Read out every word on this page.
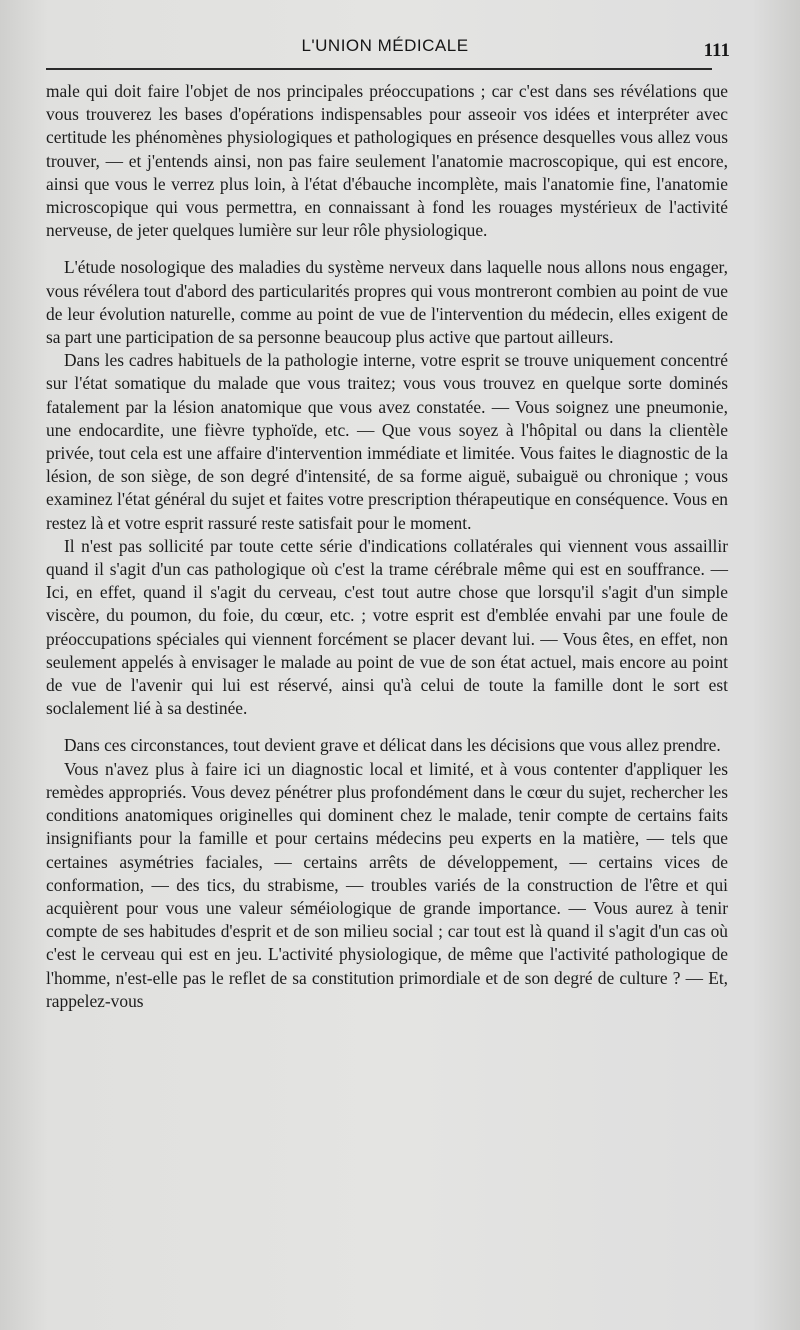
L'UNION MÉDICALE	111

male qui doit faire l'objet de nos principales préoccupations ; car c'est dans ses révélations que vous trouverez les bases d'opérations indispensables pour asseoir vos idées et interpréter avec certitude les phénomènes physiologiques et pathologiques en présence desquelles vous allez vous trouver, — et j'entends ainsi, non pas faire seulement l'anatomie macroscopique, qui est encore, ainsi que vous le verrez plus loin, à l'état d'ébauche incomplète, mais l'anatomie fine, l'anatomie microscopique qui vous permettra, en connaissant à fond les rouages mystérieux de l'activité nerveuse, de jeter quelques lumière sur leur rôle physiologique.

L'étude nosologique des maladies du système nerveux dans laquelle nous allons nous engager, vous révélera tout d'abord des particularités propres qui vous montreront combien au point de vue de leur évolution naturelle, comme au point de vue de l'intervention du médecin, elles exigent de sa part une participation de sa personne beaucoup plus active que partout ailleurs.

Dans les cadres habituels de la pathologie interne, votre esprit se trouve uniquement concentré sur l'état somatique du malade que vous traitez; vous vous trouvez en quelque sorte dominés fatalement par la lésion anatomique que vous avez constatée. — Vous soignez une pneumonie, une endocardite, une fièvre typhoïde, etc. — Que vous soyez à l'hôpital ou dans la clientèle privée, tout cela est une affaire d'intervention immédiate et limitée. Vous faites le diagnostic de la lésion, de son siège, de son degré d'intensité, de sa forme aiguë, subaiguë ou chronique ; vous examinez l'état général du sujet et faites votre prescription thérapeutique en conséquence. Vous en restez là et votre esprit rassuré reste satisfait pour le moment.

Il n'est pas sollicité par toute cette série d'indications collatérales qui viennent vous assaillir quand il s'agit d'un cas pathologique où c'est la trame cérébrale même qui est en souffrance. — Ici, en effet, quand il s'agit du cerveau, c'est tout autre chose que lorsqu'il s'agit d'un simple viscère, du poumon, du foie, du cœur, etc. ; votre esprit est d'emblée envahi par une foule de préoccupations spéciales qui viennent forcément se placer devant lui. — Vous êtes, en effet, non seulement appelés à envisager le malade au point de vue de son état actuel, mais encore au point de vue de l'avenir qui lui est réservé, ainsi qu'à celui de toute la famille dont le sort est soclalement lié à sa destinée.

Dans ces circonstances, tout devient grave et délicat dans les décisions que vous allez prendre.

Vous n'avez plus à faire ici un diagnostic local et limité, et à vous contenter d'appliquer les remèdes appropriés. Vous devez pénétrer plus profondément dans le cœur du sujet, rechercher les conditions anatomiques originelles qui dominent chez le malade, tenir compte de certains faits insignifiants pour la famille et pour certains médecins peu experts en la matière, — tels que certaines asymétries faciales, — certains arrêts de développement, — certains vices de conformation, — des tics, du strabisme, — troubles variés de la construction de l'être et qui acquièrent pour vous une valeur séméiologique de grande importance. — Vous aurez à tenir compte de ses habitudes d'esprit et de son milieu social ; car tout est là quand il s'agit d'un cas où c'est le cerveau qui est en jeu. L'activité physiologique, de même que l'activité pathologique de l'homme, n'est-elle pas le reflet de sa constitution primordiale et de son degré de culture ? — Et, rappelez-vous
